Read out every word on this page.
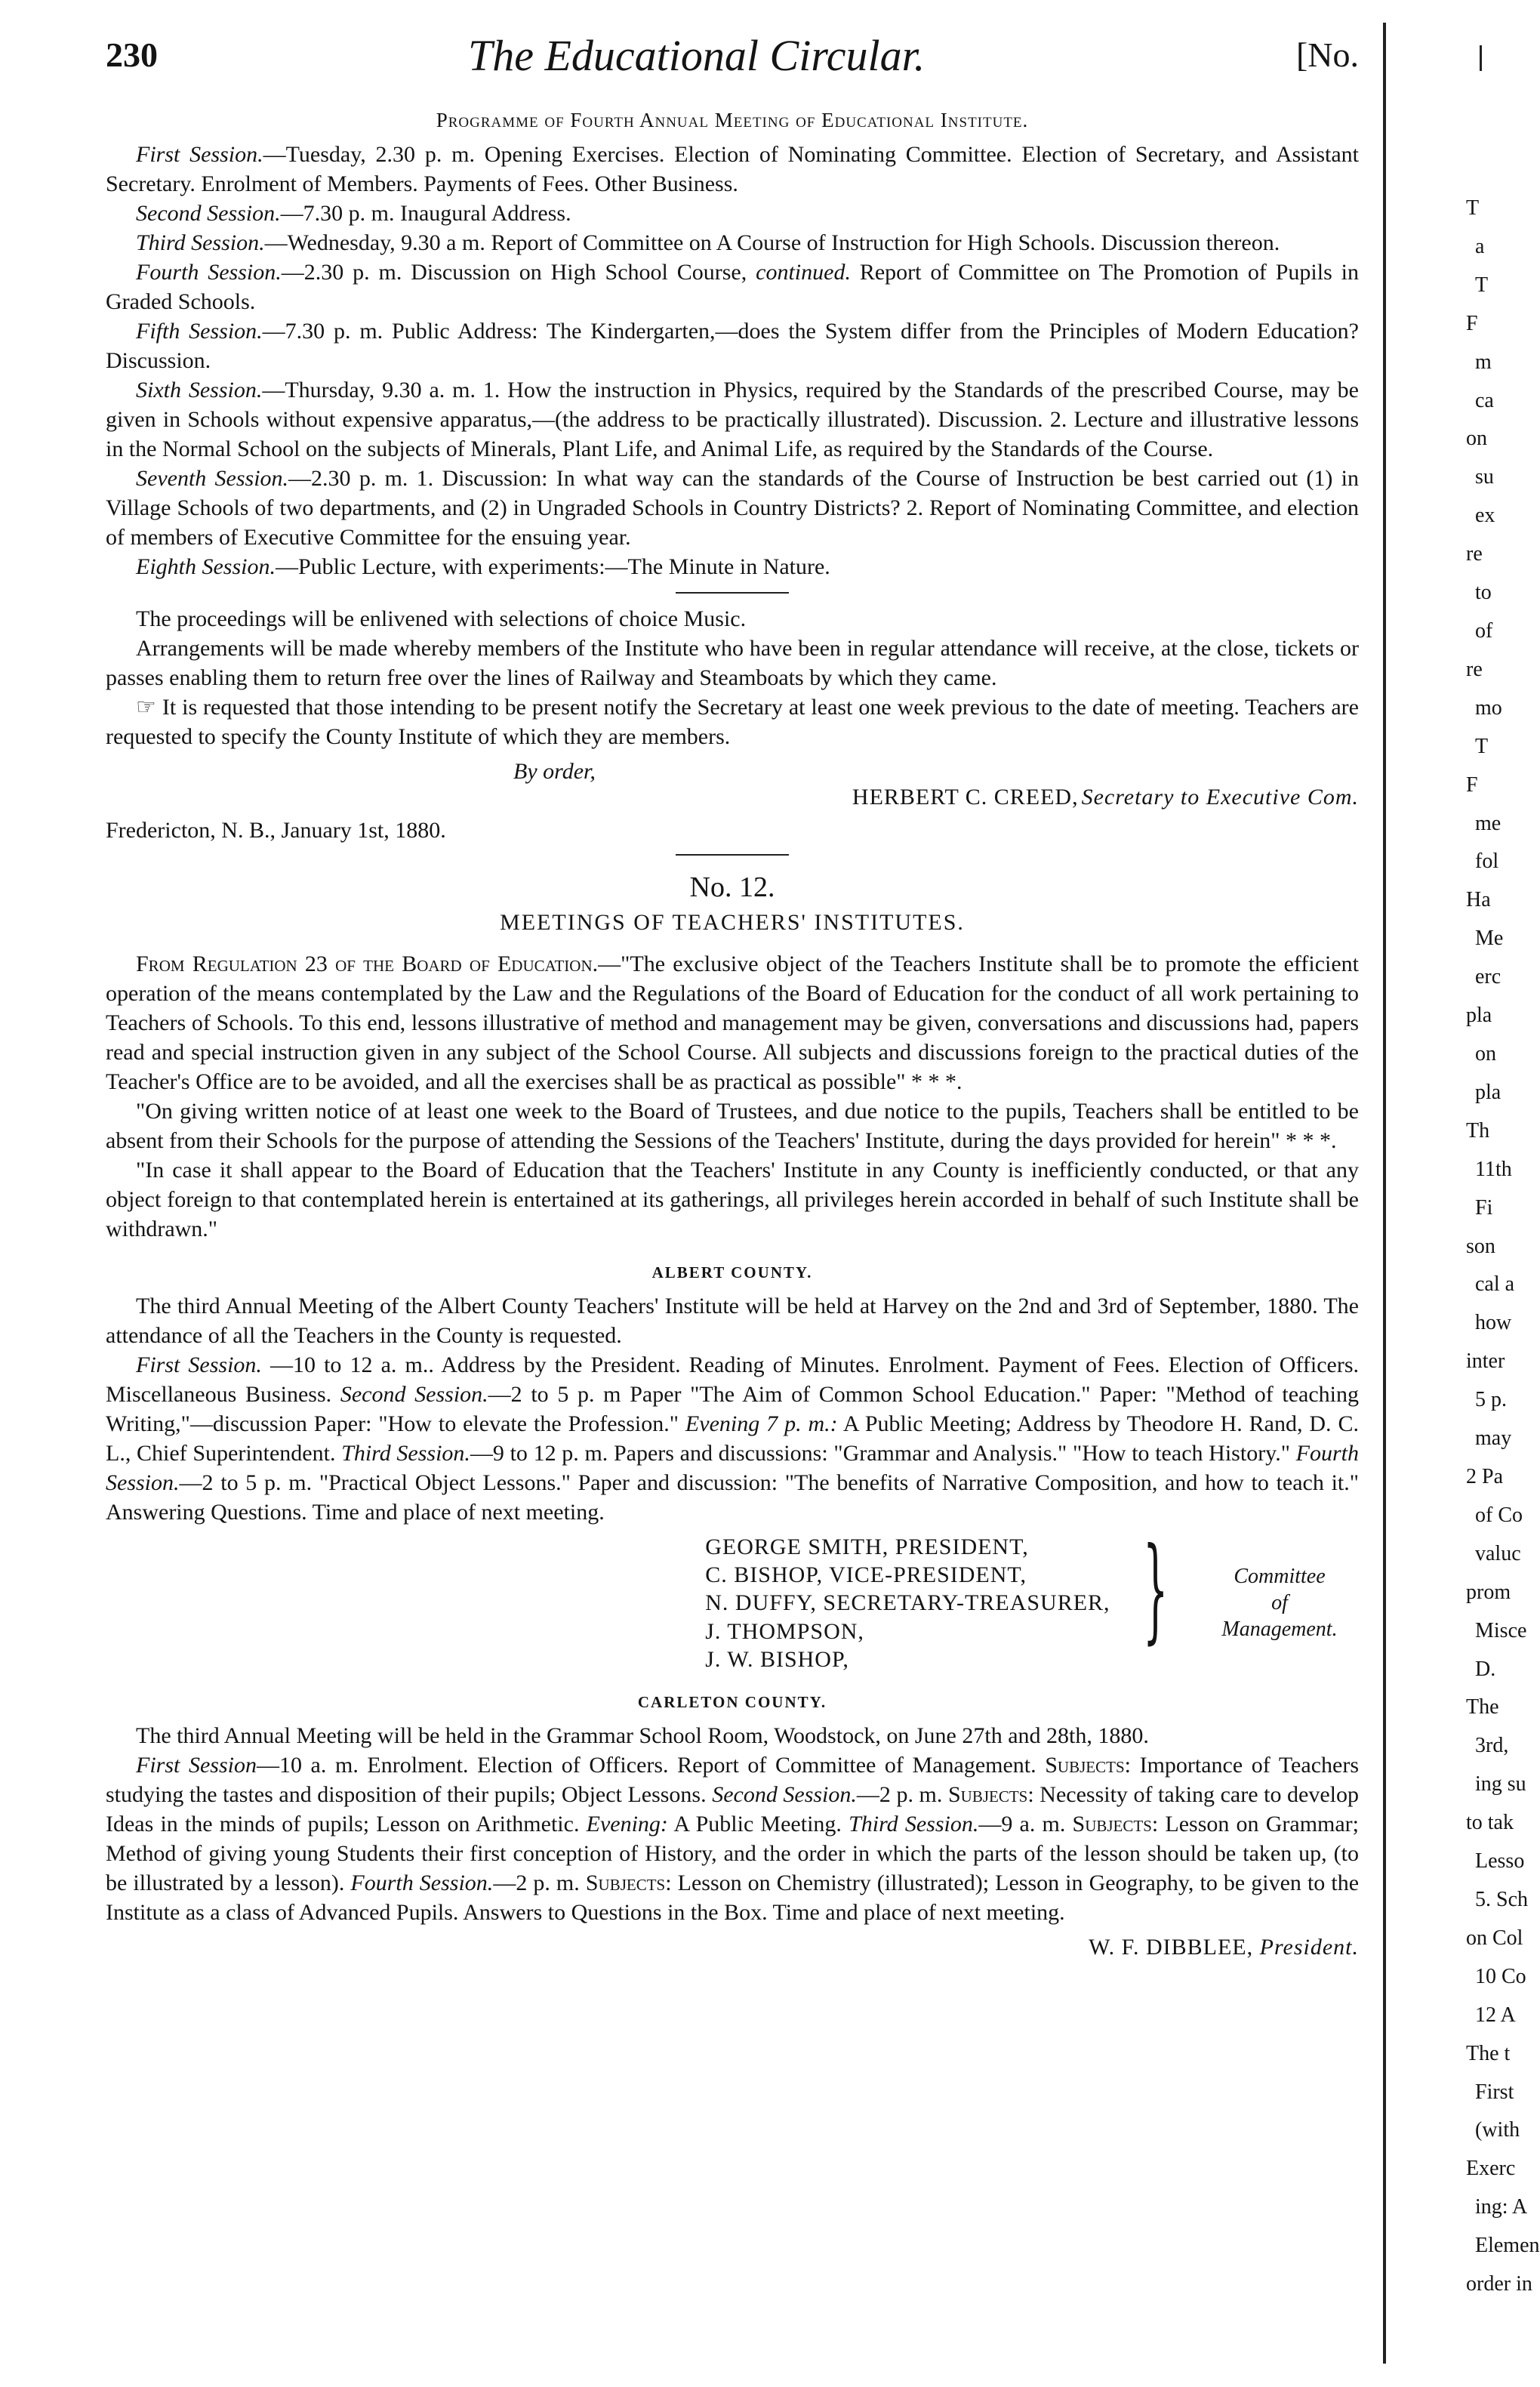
230	The Educational Circular.	[No.
Programme of Fourth Annual Meeting of Educational Institute.

First Session.—Tuesday, 2.30 p. m. Opening Exercises. Election of Nominating Committee. Election of Secretary, and Assistant Secretary. Enrolment of Members. Payments of Fees. Other Business.

Second Session.—7.30 p. m. Inaugural Address.

Third Session.—Wednesday, 9.30 a m. Report of Committee on A Course of Instruction for High Schools. Discussion thereon.

Fourth Session.—2.30 p. m. Discussion on High School Course, continued. Report of Committee on The Promotion of Pupils in Graded Schools.

Fifth Session.—7.30 p. m. Public Address: The Kindergarten,—does the System differ from the Principles of Modern Education? Discussion.

Sixth Session.—Thursday, 9.30 a. m. 1. How the instruction in Physics, required by the Standards of the prescribed Course, may be given in Schools without expensive apparatus,—(the address to be practically illustrated). Discussion. 2. Lecture and illustrative lessons in the Normal School on the subjects of Minerals, Plant Life, and Animal Life, as required by the Standards of the Course.

Seventh Session.—2.30 p. m. 1. Discussion: In what way can the standards of the Course of Instruction be best carried out (1) in Village Schools of two departments, and (2) in Ungraded Schools in Country Districts? 2. Report of Nominating Committee, and election of members of Executive Committee for the ensuing year.

Eighth Session.—Public Lecture, with experiments:—The Minute in Nature.

The proceedings will be enlivened with selections of choice Music.

Arrangements will be made whereby members of the Institute who have been in regular attendance will receive, at the close, tickets or passes enabling them to return free over the lines of Railway and Steamboats by which they came.

☞ It is requested that those intending to be present notify the Secretary at least one week previous to the date of meeting. Teachers are requested to specify the County Institute of which they are members.

By order,
HERBERT C. CREED, Secretary to Executive Com.
Fredericton, N. B., January 1st, 1880.
No. 12.
MEETINGS OF TEACHERS' INSTITUTES.

From Regulation 23 of the Board of Education.—"The exclusive object of the Teachers Institute shall be to promote the efficient operation of the means contemplated by the Law and the Regulations of the Board of Education for the conduct of all work pertaining to Teachers of Schools. To this end, lessons illustrative of method and management may be given, conversations and discussions had, papers read and special instruction given in any subject of the School Course. All subjects and discussions foreign to the practical duties of the Teacher's Office are to be avoided, and all the exercises shall be as practical as possible" * * *.

"On giving written notice of at least one week to the Board of Trustees, and due notice to the pupils, Teachers shall be entitled to be absent from their Schools for the purpose of attending the Sessions of the Teachers' Institute, during the days provided for herein" * * *.

"In case it shall appear to the Board of Education that the Teachers' Institute in any County is inefficiently conducted, or that any object foreign to that contemplated herein is entertained at its gatherings, all privileges herein accorded in behalf of such Institute shall be withdrawn."

ALBERT COUNTY.

The third Annual Meeting of the Albert County Teachers' Institute will be held at Harvey on the 2nd and 3rd of September, 1880. The attendance of all the Teachers in the County is requested.

First Session. —10 to 12 a. m.. Address by the President. Reading of Minutes. Enrolment. Payment of Fees. Election of Officers. Miscellaneous Business. Second Session.—2 to 5 p. m Paper "The Aim of Common School Education." Paper: "Method of teaching Writing,"—discussion Paper: "How to elevate the Profession." Evening 7 p. m.: A Public Meeting; Address by Theodore H. Rand, D. C. L., Chief Superintendent. Third Session.—9 to 12 p. m. Papers and discussions: "Grammar and Analysis." "How to teach History." Fourth Session.—2 to 5 p. m. "Practical Object Lessons." Paper and discussion: "The benefits of Narrative Composition, and how to teach it." Answering Questions. Time and place of next meeting.

GEORGE SMITH, PRESIDENT,
C. BISHOP, VICE-PRESIDENT,
N. DUFFY, SECRETARY-TREASURER,
J. THOMPSON,
J. W. BISHOP,
}	Committee
of
Management.
CARLETON COUNTY.

The third Annual Meeting will be held in the Grammar School Room, Woodstock, on June 27th and 28th, 1880.

First Session—10 a. m. Enrolment. Election of Officers. Report of Committee of Management. Subjects: Importance of Teachers studying the tastes and disposition of their pupils; Object Lessons. Second Session.—2 p. m. Subjects: Necessity of taking care to develop Ideas in the minds of pupils; Lesson on Arithmetic. Evening: A Public Meeting. Third Session.—9 a. m. Subjects: Lesson on Grammar; Method of giving young Students their first conception of History, and the order in which the parts of the lesson should be taken up, (to be illustrated by a lesson). Fourth Session.—2 p. m. Subjects: Lesson on Chemistry (illustrated); Lesson in Geography, to be given to the Institute as a class of Advanced Pupils. Answers to Questions in the Box. Time and place of next meeting.

W. F. DIBBLEE, President.
T
a
T
F
m
ca
on
su
ex
re
to
of
re
mo
T
F
me
fol
Ha
Me
erc
pla
on
pla
Th
11th
Fi
son
cal a
how
inter
5 p.
may
2 Pa
of Co
valuc
prom
Misce
D.
The
3rd,
ing su
to tak
Lesso
5. Sch
on Col
10 Co
12 A
The t
First
(with
Exerc
ing: A
Elemen
order in
